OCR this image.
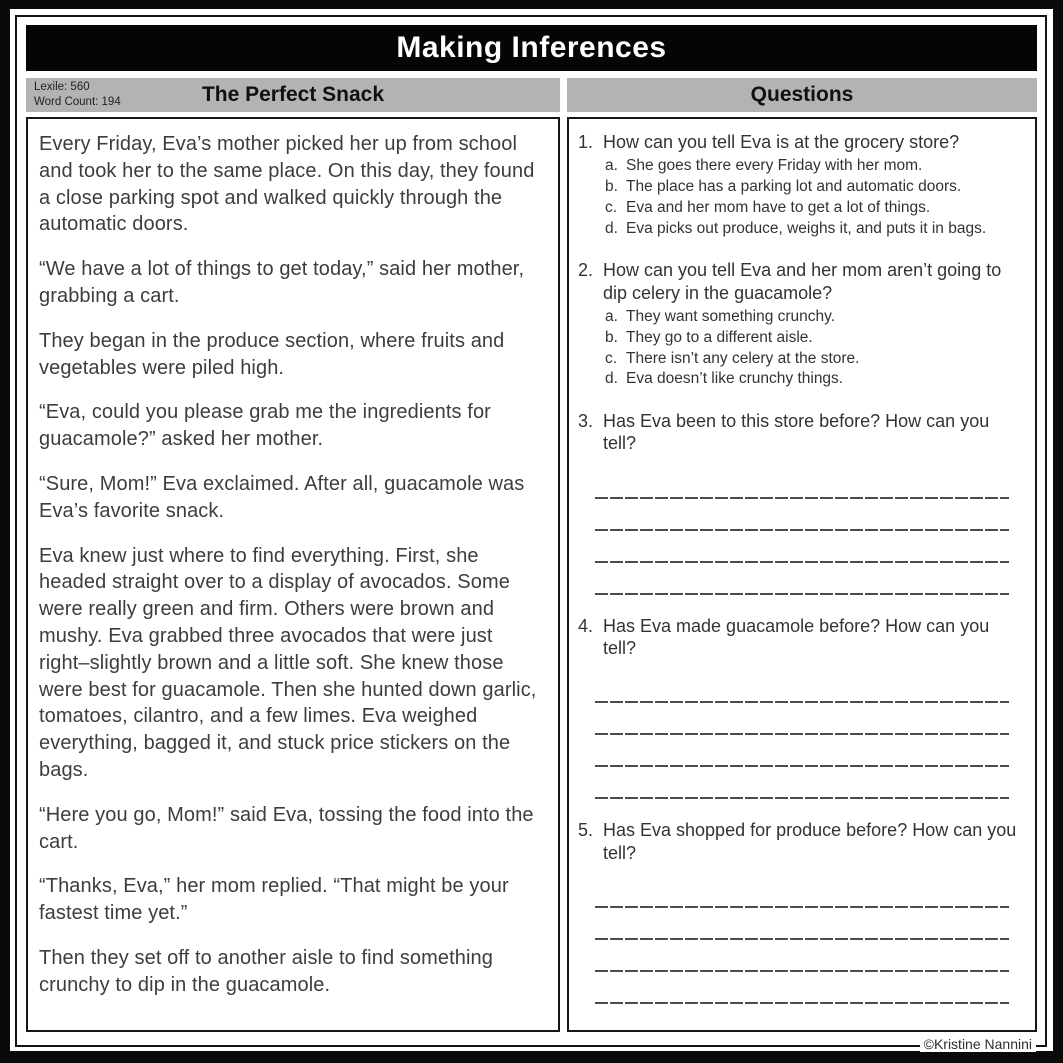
Making Inferences
Lexile: 560
Word Count: 194	The Perfect Snack

Every Friday, Eva’s mother picked her up from school and took her to the same place. On this day, they found a close parking spot and walked quickly through the automatic doors.

“We have a lot of things to get today,” said her mother, grabbing a cart.

They began in the produce section, where fruits and vegetables were piled high.

“Eva, could you please grab me the ingredients for guacamole?” asked her mother.

“Sure, Mom!” Eva exclaimed. After all, guacamole was Eva’s favorite snack.

Eva knew just where to find everything. First, she headed straight over to a display of avocados. Some were really green and firm. Others were brown and mushy. Eva grabbed three avocados that were just right–slightly brown and a little soft. She knew those were best for guacamole. Then she hunted down garlic, tomatoes, cilantro, and a few limes. Eva weighed everything, bagged it, and stuck price stickers on the bags.

“Here you go, Mom!” said Eva, tossing the food into the cart.

“Thanks, Eva,” her mom replied. “That might be your fastest time yet.”

Then they set off to another aisle to find something crunchy to dip in the guacamole.

Questions
1. How can you tell Eva is at the grocery store?
a. She goes there every Friday with her mom.
b. The place has a parking lot and automatic doors.
c. Eva and her mom have to get a lot of things.
d. Eva picks out produce, weighs it, and puts it in bags.
2. How can you tell Eva and her mom aren’t going to dip celery in the guacamole?
a. They want something crunchy.
b. They go to a different aisle.
c. There isn’t any celery at the store.
d. Eva doesn’t like crunchy things.
3. Has Eva been to this store before? How can you tell?
4. Has Eva made guacamole before? How can you tell?
5. Has Eva shopped for produce before? How can you tell?
©Kristine Nannini
